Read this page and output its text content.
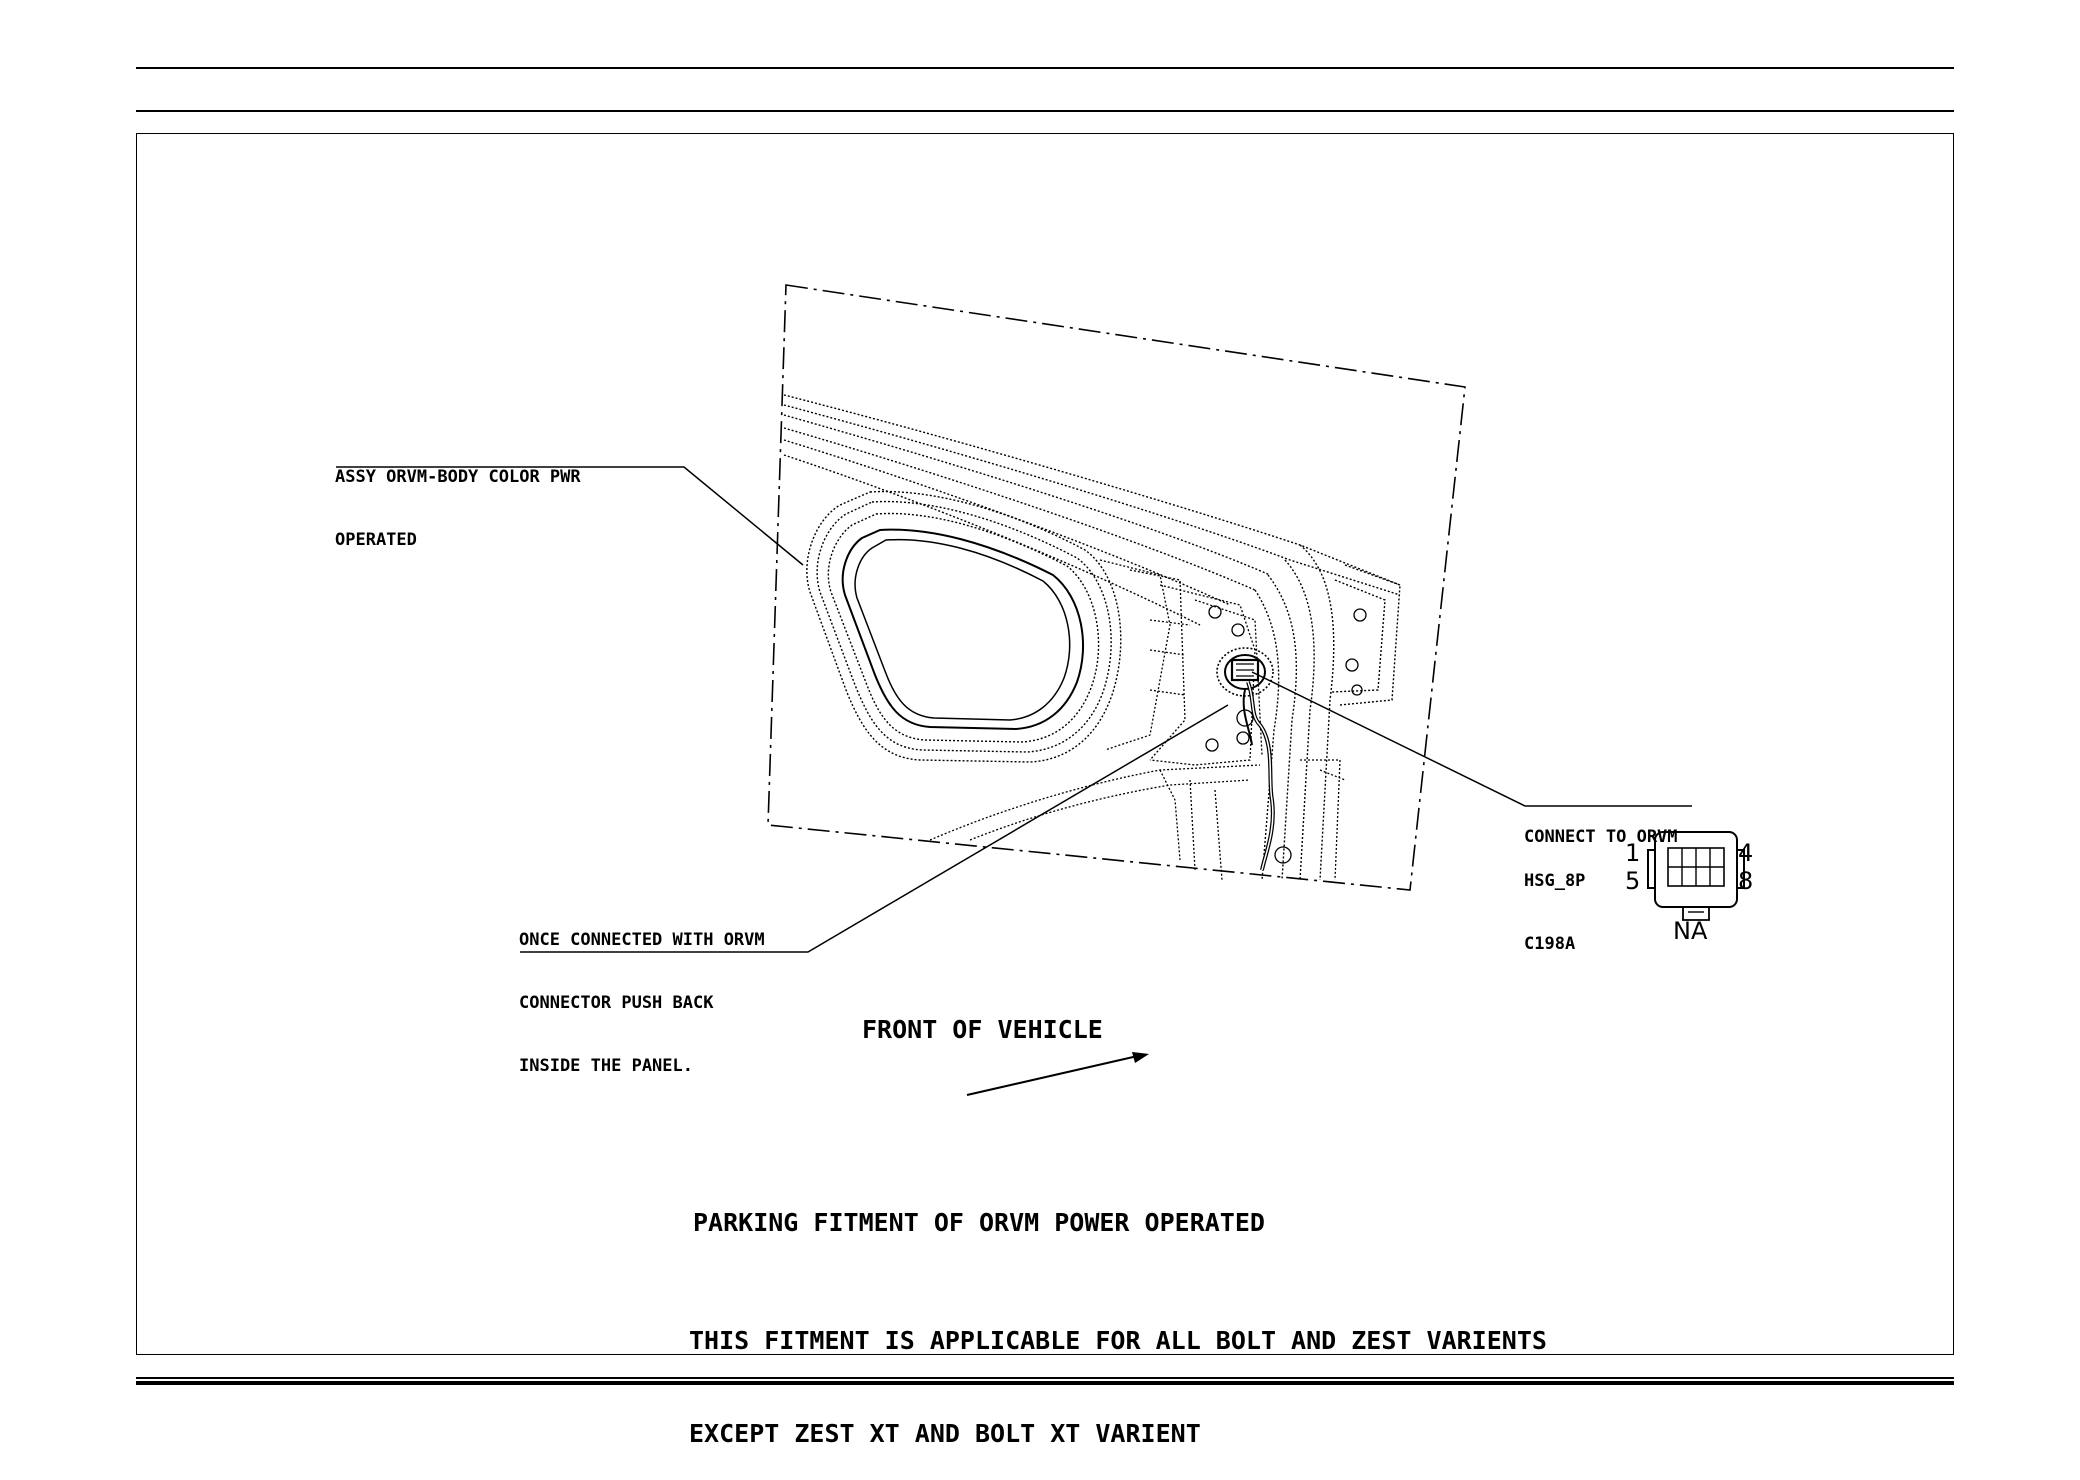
ASSY ORVM-BODY COLOR PWR

OPERATED

CONNECT TO ORVM

HSG_8P

C198A

1
5
4
8
NA

ONCE CONNECTED WITH ORVM

CONNECTOR PUSH BACK

INSIDE THE PANEL.

FRONT OF VEHICLE
PARKING FITMENT OF ORVM POWER OPERATED

THIS FITMENT IS APPLICABLE FOR ALL BOLT AND ZEST VARIENTS

EXCEPT ZEST XT AND BOLT XT VARIENT
